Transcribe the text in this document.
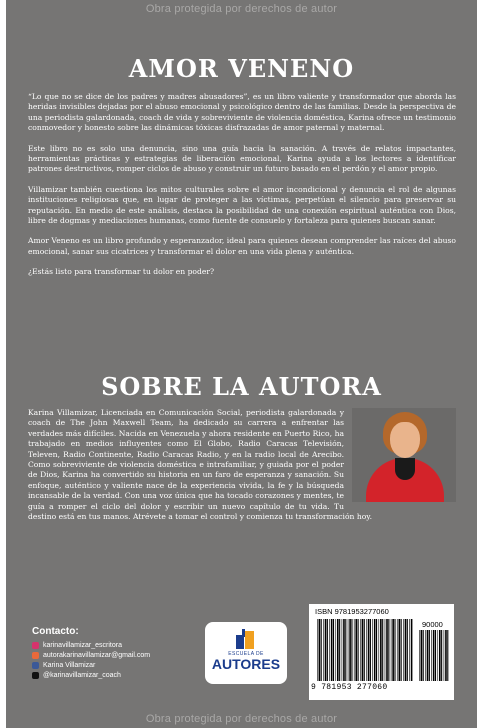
Obra protegida por derechos de autor
AMOR VENENO

“Lo que no se dice de los padres y madres abusadores”, es un libro valiente y transformador que aborda las heridas invisibles dejadas por el abuso emocional y psicológico dentro de las familias. Desde la perspectiva de una periodista galardonada, coach de vida y sobreviviente de violencia doméstica, Karina ofrece un testimonio conmovedor y honesto sobre las dinámicas tóxicas disfrazadas de amor paternal y maternal.

Este libro no es solo una denuncia, sino una guía hacia la sanación. A través de relatos impactantes, herramientas prácticas y estrategias de liberación emocional, Karina ayuda a los lectores a identificar patrones destructivos, romper ciclos de abuso y construir un futuro basado en el perdón y el amor propio.

Villamizar también cuestiona los mitos culturales sobre el amor incondicional y denuncia el rol de algunas instituciones religiosas que, en lugar de proteger a las víctimas, perpetúan el silencio para preservar su reputación. En medio de este análisis, destaca la posibilidad de una conexión espiritual auténtica con Dios, libre de dogmas y mediaciones humanas, como fuente de consuelo y fortaleza para quienes buscan sanar.

Amor Veneno es un libro profundo y esperanzador, ideal para quienes desean comprender las raíces del abuso emocional, sanar sus cicatrices y transformar el dolor en una vida plena y auténtica.

¿Estás listo para transformar tu dolor en poder?

SOBRE LA AUTORA

Karina Villamizar, Licenciada en Comunicación Social, periodista galardonada y coach de The John Maxwell Team, ha dedicado su carrera a enfrentar las verdades más difíciles. Nacida en Venezuela y ahora residente en Puerto Rico, ha trabajado en medios influyentes como El Globo, Radio Caracas Televisión, Televen, Radio Continente, Radio Caracas Radio, y en la radio local de Arecibo. Como sobreviviente de violencia doméstica e intrafamiliar, y guiada por el poder de Dios, Karina ha convertido su historia en un faro de esperanza y sanación. Su enfoque, auténtico y valiente nace de la experiencia vivida, la fe y la búsqueda incansable de la verdad. Con una voz única que ha tocado corazones y mentes, te guía a romper el ciclo del dolor y escribir un nuevo capítulo de tu vida. Tu destino está en tus manos. Atrévete a tomar el control y comienza tu transformación hoy.

Contacto:
karinavillamizar_escritora
autorakarinavillamizar@gmail.com
Karina Villamizar
@karinavillamizar_coach
ESCUELA DE
AUTORES
ISBN 9781953277060
90000
9 781953 277060
Obra protegida por derechos de autor
